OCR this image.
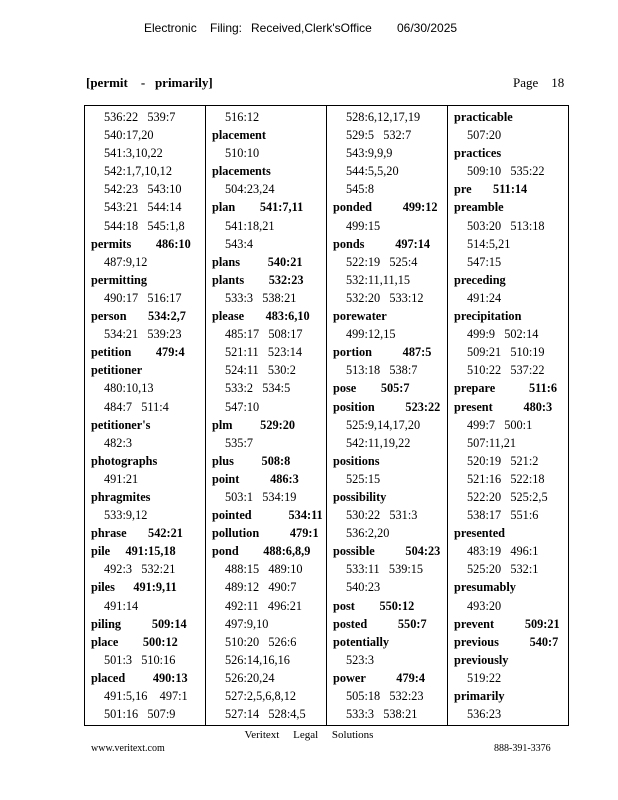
Electronic Filing: Received,Clerk'sOffice 06/30/2025
[permit    -   primarily]	Page    18
536:22   539:7
540:17,20
541:3,10,22
542:1,7,10,12
542:23   543:10
543:21   544:14
544:18   545:1,8
permits        486:10
487:9,12
permitting
490:17   516:17
person       534:2,7
534:21   539:23
petition        479:4
petitioner
480:10,13
484:7   511:4
petitioner's
482:3
photographs
491:21
phragmites
533:9,12
phrase       542:21
pile     491:15,18
492:3   532:21
piles      491:9,11
491:14
piling          509:14
place        500:12
501:3   510:16
placed         490:13
491:5,16    497:1
501:16   507:9
516:12
placement
510:10
placements
504:23,24
plan        541:7,11
541:18,21
543:4
plans         540:21
plants        532:23
533:3   538:21
please       483:6,10
485:17   508:17
521:11   523:14
524:11   530:2
533:2   534:5
547:10
plm         529:20
535:7
plus         508:8
point          486:3
503:1   534:19
pointed            534:11
pollution          479:1
pond        488:6,8,9
488:15   489:10
489:12   490:7
492:11   496:21
497:9,10
510:20   526:6
526:14,16,16
526:20,24
527:2,5,6,8,12
527:14   528:4,5
528:6,12,17,19
529:5   532:7
543:9,9,9
544:5,5,20
545:8
ponded          499:12
499:15
ponds          497:14
522:19   525:4
532:11,11,15
532:20   533:12
porewater
499:12,15
portion          487:5
513:18   538:7
pose        505:7
position          523:22
525:9,14,17,20
542:11,19,22
positions
525:15
possibility
530:22   531:3
536:2,20
possible          504:23
533:11   539:15
540:23
post        550:12
posted          550:7
potentially
523:3
power          479:4
505:18   532:23
533:3   538:21
practicable
507:20
practices
509:10   535:22
pre       511:14
preamble
503:20   513:18
514:5,21
547:15
preceding
491:24
precipitation
499:9   502:14
509:21   510:19
510:22   537:22
prepare           511:6
present          480:3
499:7   500:1
507:11,21
520:19   521:2
521:16   522:18
522:20   525:2,5
538:17   551:6
presented
483:19   496:1
525:20   532:1
presumably
493:20
prevent          509:21
previous          540:7
previously
519:22
primarily
536:23
Veritext     Legal     Solutions
www.veritext.com	888-391-3376
